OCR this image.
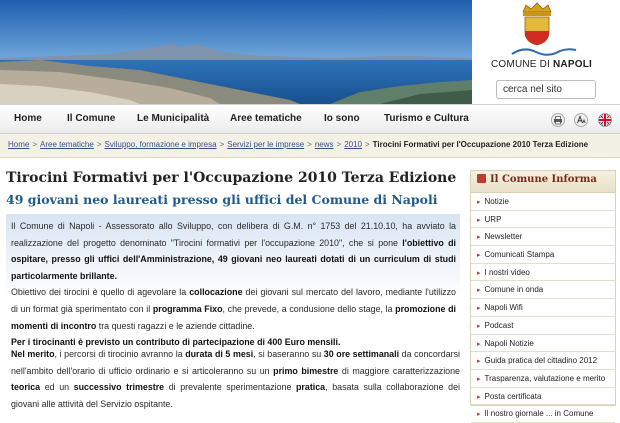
COMUNE DI NAPOLI
cerca nel sito
Home	Il Comune Le Municipalità Aree tematiche Io sono Turismo e Cultura
Home > Aree tematiche > Sviluppo, formazione e impresa > Servizi per le imprese > news > 2010 > Tirocini Formativi per l'Occupazione 2010 Terza Edizione
Tirocini Formativi per l'Occupazione 2010 Terza Edizione
49 giovani neo laureati presso gli uffici del Comune di Napoli
Il Comune di Napoli - Assessorato allo Sviluppo, con delibera di G.M. n° 1753 del 21.10.10, ha avviato la realizzazione del progetto denominato "Tirocini formativi per l'occupazione 2010", che si pone l'obiettivo di ospitare, presso gli uffici dell'Amministrazione, 49 giovani neo laureati dotati di un curriculum di studi particolarmente brillante.
Obiettivo dei tirocini è quello di agevolare la collocazione dei giovani sul mercato del lavoro, mediante l'utilizzo di un format già sperimentato con il programma Fixo, che prevede, a condusione dello stage, la promozione di momenti di incontro tra questi ragazzi e le aziende cittadine.
Per i tirocinanti è previsto un contributo di partecipazione di 400 Euro mensili.
Nel merito, i percorsi di tirocinio avranno la durata di 5 mesi, si baseranno su 30 ore settimanali da concordarsi nell'ambito dell'orario di ufficio ordinario e si articoleranno su un primo bimestre di maggiore caratterizzazione teorica ed un successivo trimestre di prevalente sperimentazione pratica, basata sulla collaborazione dei giovani alle attività del Servizio ospitante.
Il Comune Informa
▸ Notizie
▸ URP
▸ Newsletter
▸ Comunicati Stampa
▸ I nostri video
▸ Comune in onda
▸ Napoli Wifi
▸ Podcast
▸ Napoli Notizie
▸ Guida pratica del cittadino 2012
▸ Trasparenza, valutazione e merito
▸ Posta certificata
▸ Il nostro giornale ... in Comune
